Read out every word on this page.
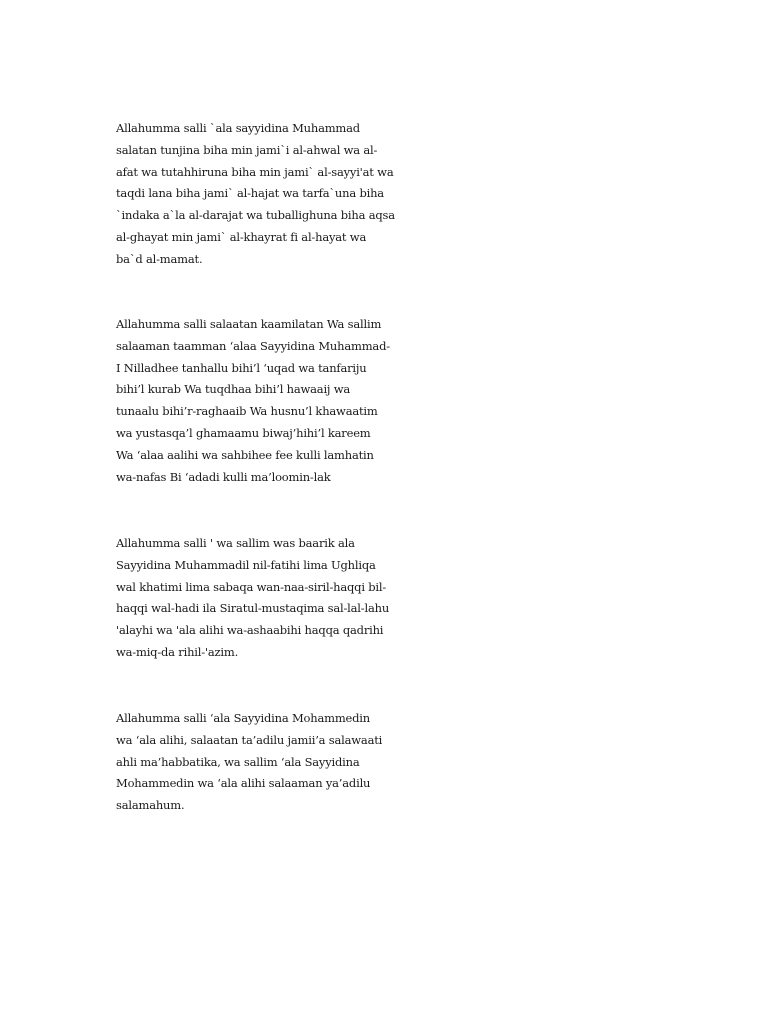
Allahumma salli `ala sayyidina Muhammad
salatan tunjina biha min jami`i al-ahwal wa al-
afat wa tutahhiruna biha min jami` al-sayyi'at wa
taqdi lana biha jami` al-hajat wa tarfa`una biha
`indaka a`la al-darajat wa tuballighuna biha aqsa
al-ghayat min jami` al-khayrat fi al-hayat wa
ba`d al-mamat.
Allahumma salli salaatan kaamilatan Wa sallim
salaaman taamman ‘alaa Sayyidina Muhammad-
I Nilladhee tanhallu bihi’l ‘uqad wa tanfariju
bihi’l kurab Wa tuqdhaa bihi’l hawaaij wa
tunaalu bihi’r-raghaaib Wa husnu’l khawaatim
wa yustasqa’l ghamaamu biwaj’hihi’l kareem
Wa ‘alaa aalihi wa sahbihee fee kulli lamhatin
wa-nafas Bi ‘adadi kulli ma’loomin-lak
Allahumma salli ' wa sallim was baarik ala
Sayyidina Muhammadil nil-fatihi lima Ughliqa
wal khatimi lima sabaqa wan-naa-siril-haqqi bil-
haqqi wal-hadi ila Siratul-mustaqima sal-lal-lahu
'alayhi wa 'ala alihi wa-ashaabihi haqqa qadrihi
wa-miq-da rihil-'azim.
Allahumma salli ‘ala Sayyidina Mohammedin
wa ‘ala alihi, salaatan ta’adilu jamii’a salawaati
ahli ma’habbatika, wa sallim ‘ala Sayyidina
Mohammedin wa ‘ala alihi salaaman ya’adilu
salamahum.
